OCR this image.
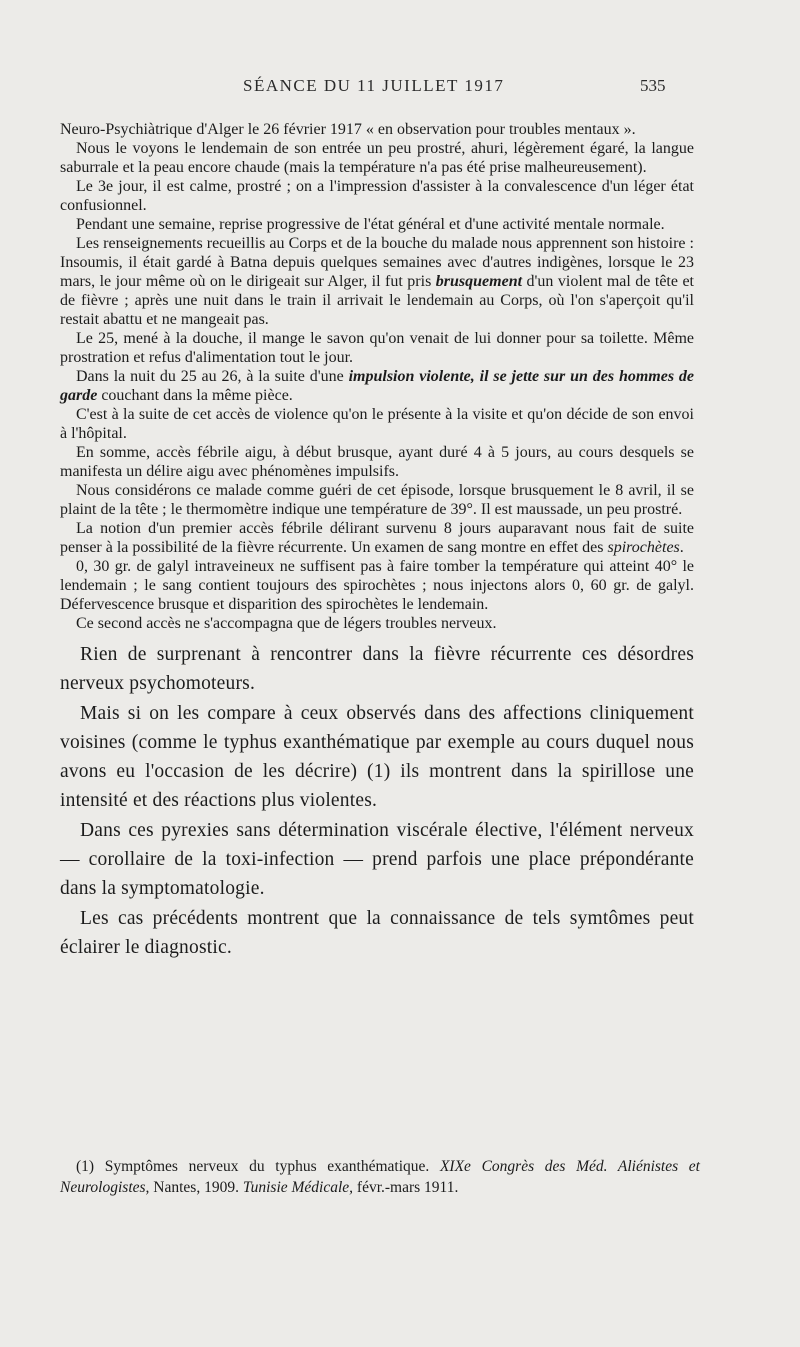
SÉANCE DU 11 JUILLET 1917	535

Neuro-Psychiàtrique d'Alger le 26 février 1917 « en observation pour troubles mentaux ».

Nous le voyons le lendemain de son entrée un peu prostré, ahuri, légèrement égaré, la langue saburrale et la peau encore chaude (mais la température n'a pas été prise malheureusement).

Le 3e jour, il est calme, prostré ; on a l'impression d'assister à la convalescence d'un léger état confusionnel.

Pendant une semaine, reprise progressive de l'état général et d'une activité mentale normale.

Les renseignements recueillis au Corps et de la bouche du malade nous apprennent son histoire : Insoumis, il était gardé à Batna depuis quelques semaines avec d'autres indigènes, lorsque le 23 mars, le jour même où on le dirigeait sur Alger, il fut pris brusquement d'un violent mal de tête et de fièvre ; après une nuit dans le train il arrivait le lendemain au Corps, où l'on s'aperçoit qu'il restait abattu et ne mangeait pas.

Le 25, mené à la douche, il mange le savon qu'on venait de lui donner pour sa toilette. Même prostration et refus d'alimentation tout le jour.

Dans la nuit du 25 au 26, à la suite d'une impulsion violente, il se jette sur un des hommes de garde couchant dans la même pièce.

C'est à la suite de cet accès de violence qu'on le présente à la visite et qu'on décide de son envoi à l'hôpital.

En somme, accès fébrile aigu, à début brusque, ayant duré 4 à 5 jours, au cours desquels se manifesta un délire aigu avec phénomènes impulsifs.

Nous considérons ce malade comme guéri de cet épisode, lorsque brusquement le 8 avril, il se plaint de la tête ; le thermomètre indique une température de 39°. Il est maussade, un peu prostré.

La notion d'un premier accès fébrile délirant survenu 8 jours auparavant nous fait de suite penser à la possibilité de la fièvre récurrente. Un examen de sang montre en effet des spirochètes.

0, 30 gr. de galyl intraveineux ne suffisent pas à faire tomber la température qui atteint 40° le lendemain ; le sang contient toujours des spirochètes ; nous injectons alors 0, 60 gr. de galyl. Défervescence brusque et disparition des spirochètes le lendemain.

Ce second accès ne s'accompagna que de légers troubles nerveux.

Rien de surprenant à rencontrer dans la fièvre récurrente ces désordres nerveux psychomoteurs.

Mais si on les compare à ceux observés dans des affections cliniquement voisines (comme le typhus exanthématique par exemple au cours duquel nous avons eu l'occasion de les décrire) (1) ils montrent dans la spirillose une intensité et des réactions plus violentes.

Dans ces pyrexies sans détermination viscérale élective, l'élément nerveux — corollaire de la toxi-infection — prend parfois une place prépondérante dans la symptomatologie.

Les cas précédents montrent que la connaissance de tels symtômes peut éclairer le diagnostic.

(1) Symptômes nerveux du typhus exanthématique. XIXe Congrès des Méd. Aliénistes et Neurologistes, Nantes, 1909. Tunisie Médicale, févr.-mars 1911.
